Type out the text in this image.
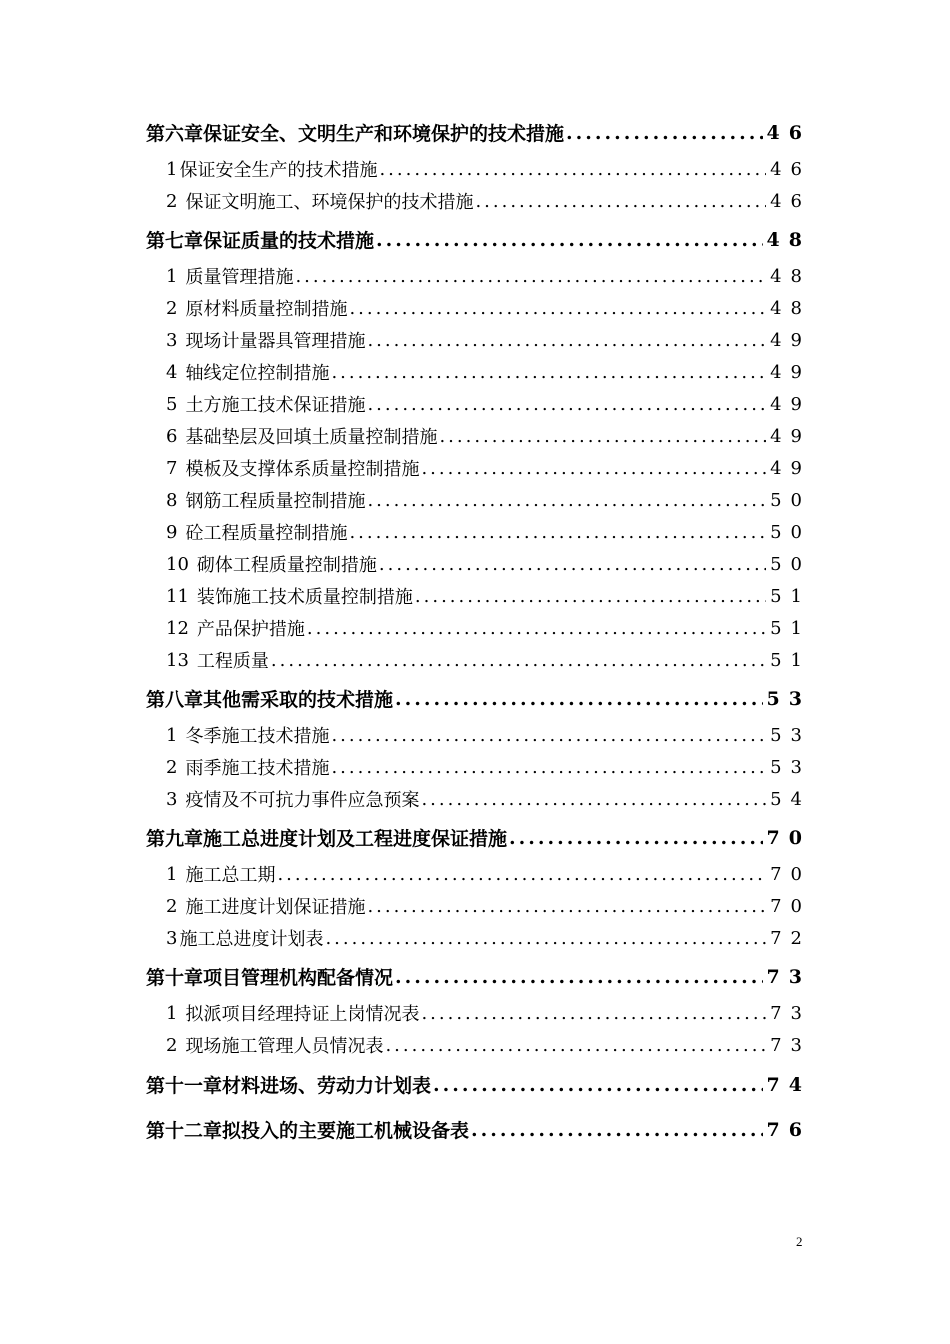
第六章 保证安全、文明生产和环境保护的技术措施 .....	46
1 保证安全生产的技术措施 .....	46
2 保证文明施工、环境保护的技术措施 .....	46
第七章 保证质量的技术措施 .....	48
1 质量管理措施 .....	48
2 原材料质量控制措施 .....	48
3 现场计量器具管理措施 .....	49
4 轴线定位控制措施 .....	49
5 土方施工技术保证措施 .....	49
6 基础垫层及回填土质量控制措施 .....	49
7 模板及支撑体系质量控制措施 .....	49
8 钢筋工程质量控制措施 .....	50
9 砼工程质量控制措施 .....	50
10 砌体工程质量控制措施 .....	50
11 装饰施工技术质量控制措施 .....	51
12 产品保护措施 .....	51
13 工程质量 .....	51
第八章 其他需采取的技术措施 .....	53
1 冬季施工技术措施 .....	53
2 雨季施工技术措施 .....	53
3 疫情及不可抗力事件应急预案 .....	54
第九章 施工总进度计划及工程进度保证措施 .....	70
1 施工总工期 .....	70
2 施工进度计划保证措施 .....	70
3 施工总进度计划表 .....	72
第十章 项目管理机构配备情况 .....	73
1 拟派项目经理持证上岗情况表 .....	73
2 现场施工管理人员情况表 .....	73
第十一章 材料进场、劳动力计划表 .....	74
第十二章 拟投入的主要施工机械设备表 .....	76
2
